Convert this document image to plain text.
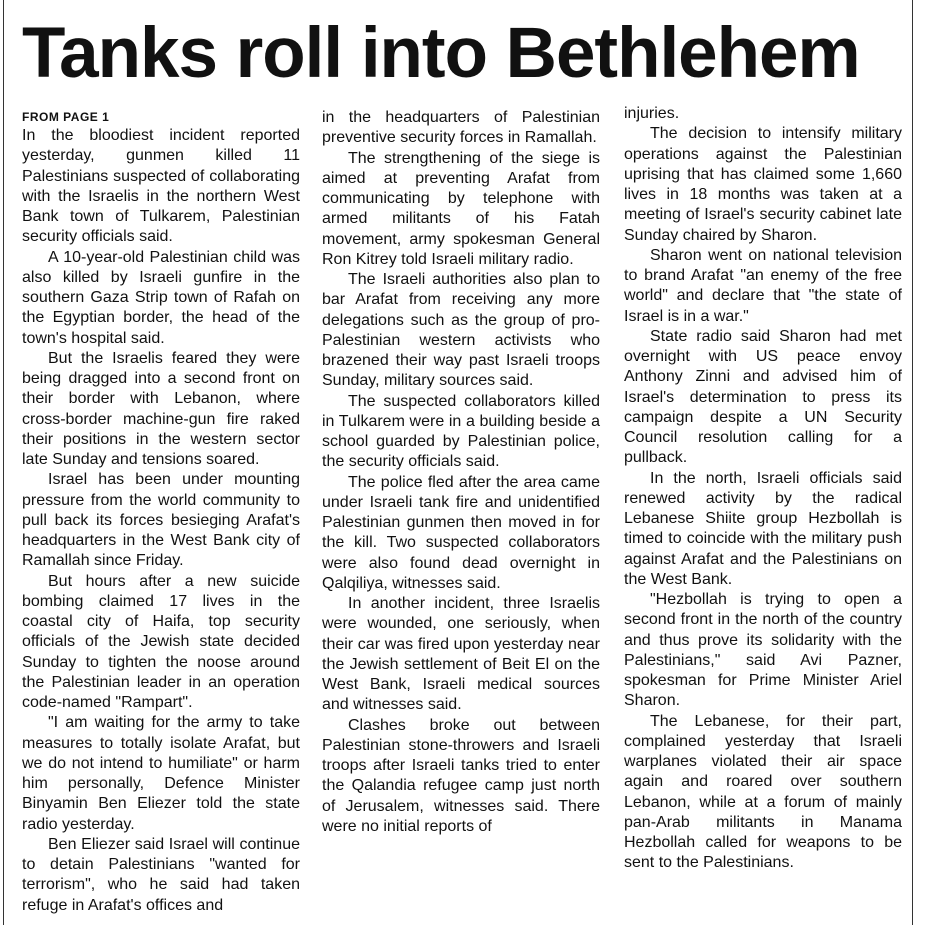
Tanks roll into Bethlehem
FROM PAGE 1

In the bloodiest incident reported yesterday, gunmen killed 11 Palestinians suspected of collaborating with the Israelis in the northern West Bank town of Tulkarem, Palestinian security officials said.

A 10-year-old Palestinian child was also killed by Israeli gunfire in the southern Gaza Strip town of Rafah on the Egyptian border, the head of the town's hospital said.

But the Israelis feared they were being dragged into a second front on their border with Lebanon, where cross-border machine-gun fire raked their positions in the western sector late Sunday and tensions soared.

Israel has been under mounting pressure from the world community to pull back its forces besieging Arafat's headquarters in the West Bank city of Ramallah since Friday.

But hours after a new suicide bombing claimed 17 lives in the coastal city of Haifa, top security officials of the Jewish state decided Sunday to tighten the noose around the Palestinian leader in an operation code-named "Rampart".

"I am waiting for the army to take measures to totally isolate Arafat, but we do not intend to humiliate" or harm him personally, Defence Minister Binyamin Ben Eliezer told the state radio yesterday.

Ben Eliezer said Israel will continue to detain Palestinians "wanted for terrorism", who he said had taken refuge in Arafat's offices and

in the headquarters of Palestinian preventive security forces in Ramallah.

The strengthening of the siege is aimed at preventing Arafat from communicating by telephone with armed militants of his Fatah movement, army spokesman General Ron Kitrey told Israeli military radio.

The Israeli authorities also plan to bar Arafat from receiving any more delegations such as the group of pro-Palestinian western activists who brazened their way past Israeli troops Sunday, military sources said.

The suspected collaborators killed in Tulkarem were in a building beside a school guarded by Palestinian police, the security officials said.

The police fled after the area came under Israeli tank fire and unidentified Palestinian gunmen then moved in for the kill. Two suspected collaborators were also found dead overnight in Qalqiliya, witnesses said.

In another incident, three Israelis were wounded, one seriously, when their car was fired upon yesterday near the Jewish settlement of Beit El on the West Bank, Israeli medical sources and witnesses said.

Clashes broke out between Palestinian stone-throwers and Israeli troops after Israeli tanks tried to enter the Qalandia refugee camp just north of Jerusalem, witnesses said. There were no initial reports of

injuries.

The decision to intensify military operations against the Palestinian uprising that has claimed some 1,660 lives in 18 months was taken at a meeting of Israel's security cabinet late Sunday chaired by Sharon.

Sharon went on national television to brand Arafat "an enemy of the free world" and declare that "the state of Israel is in a war."

State radio said Sharon had met overnight with US peace envoy Anthony Zinni and advised him of Israel's determination to press its campaign despite a UN Security Council resolution calling for a pullback.

In the north, Israeli officials said renewed activity by the radical Lebanese Shiite group Hezbollah is timed to coincide with the military push against Arafat and the Palestinians on the West Bank.

"Hezbollah is trying to open a second front in the north of the country and thus prove its solidarity with the Palestinians," said Avi Pazner, spokesman for Prime Minister Ariel Sharon.

The Lebanese, for their part, complained yesterday that Israeli warplanes violated their air space again and roared over southern Lebanon, while at a forum of mainly pan-Arab militants in Manama Hezbollah called for weapons to be sent to the Palestinians.
